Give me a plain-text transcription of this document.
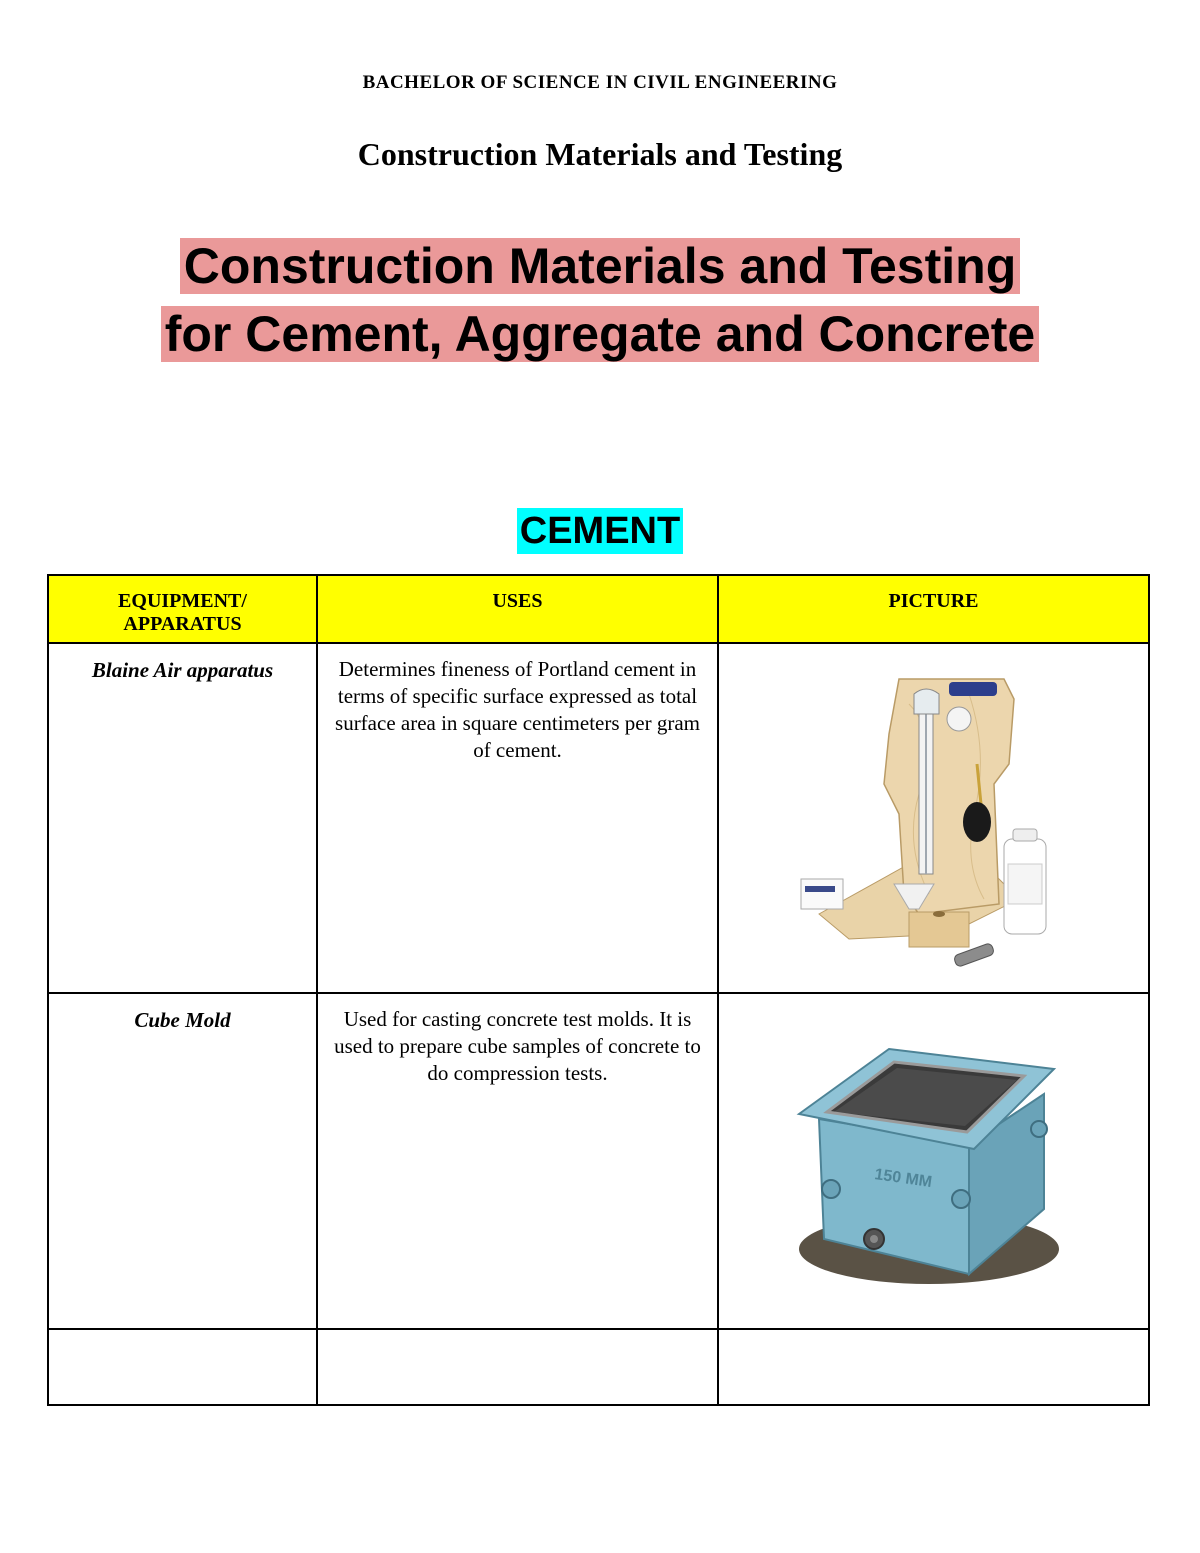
BACHELOR OF SCIENCE IN CIVIL ENGINEERING
Construction Materials and Testing
Construction Materials and Testing
for Cement, Aggregate and Concrete
CEMENT
EQUIPMENT/ APPARATUS	USES	PICTURE
Blaine Air apparatus	Determines fineness of Portland cement in terms of specific surface expressed as total surface area in square centimeters per gram of cement.	

Cube Mold	Used for casting concrete test molds. It is used to prepare cube samples of concrete to do compression tests.	150 MM
